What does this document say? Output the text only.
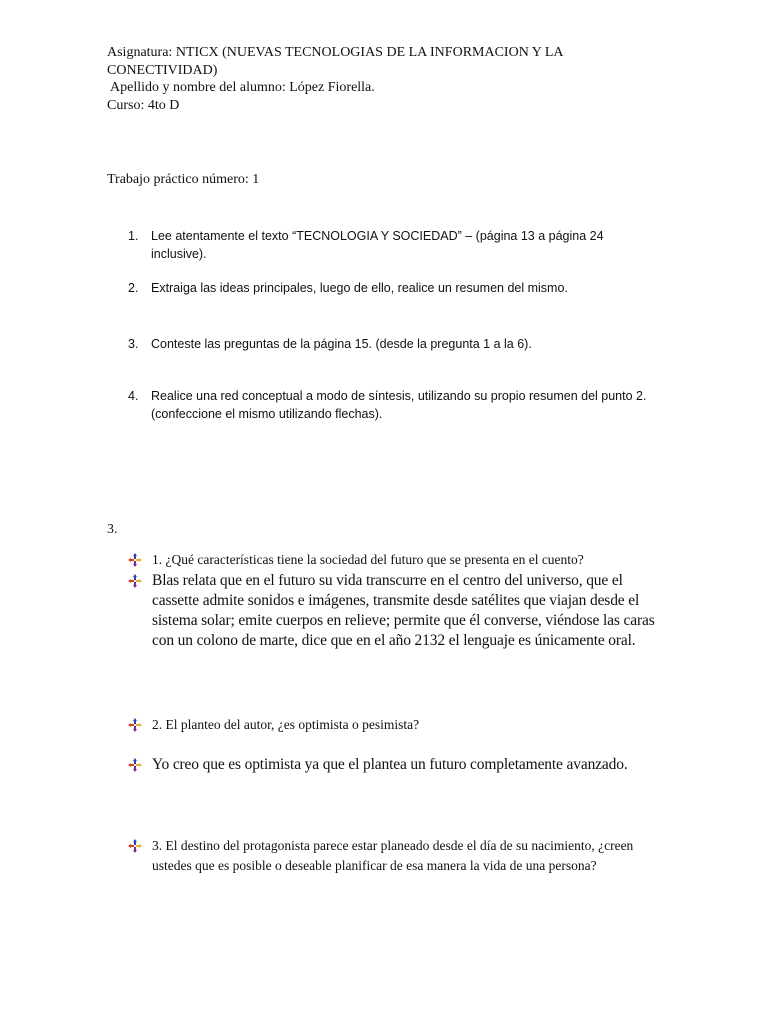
Asignatura: NTICX (NUEVAS TECNOLOGIAS DE LA INFORMACION Y LA CONECTIVIDAD)
Apellido y nombre del alumno: López Fiorella.
Curso: 4to D
Trabajo práctico número: 1
1.	Lee atentamente el texto “TECNOLOGIA Y SOCIEDAD” – (página 13 a página 24 inclusive).
2.	Extraiga las ideas principales, luego de ello, realice un resumen del mismo.
3.	Conteste las preguntas de la página 15. (desde la pregunta 1 a la 6).
4.	Realice una red conceptual a modo de síntesis, utilizando su propio resumen del punto 2. (confeccione el mismo utilizando flechas).
3.
1. ¿Qué características tiene la sociedad del futuro que se presenta en el cuento?
Blas relata que en el futuro su vida transcurre en el centro del universo, que el cassette admite sonidos e imágenes, transmite desde satélites que viajan desde el sistema solar; emite cuerpos en relieve; permite que él converse, viéndose las caras con un colono de marte, dice que en el año 2132 el lenguaje es únicamente oral.
2. El planteo del autor, ¿es optimista o pesimista?
Yo creo que es optimista ya que el plantea un futuro completamente avanzado.
3. El destino del protagonista parece estar planeado desde el día de su nacimiento, ¿creen ustedes que es posible o deseable planificar de esa manera la vida de una persona?
